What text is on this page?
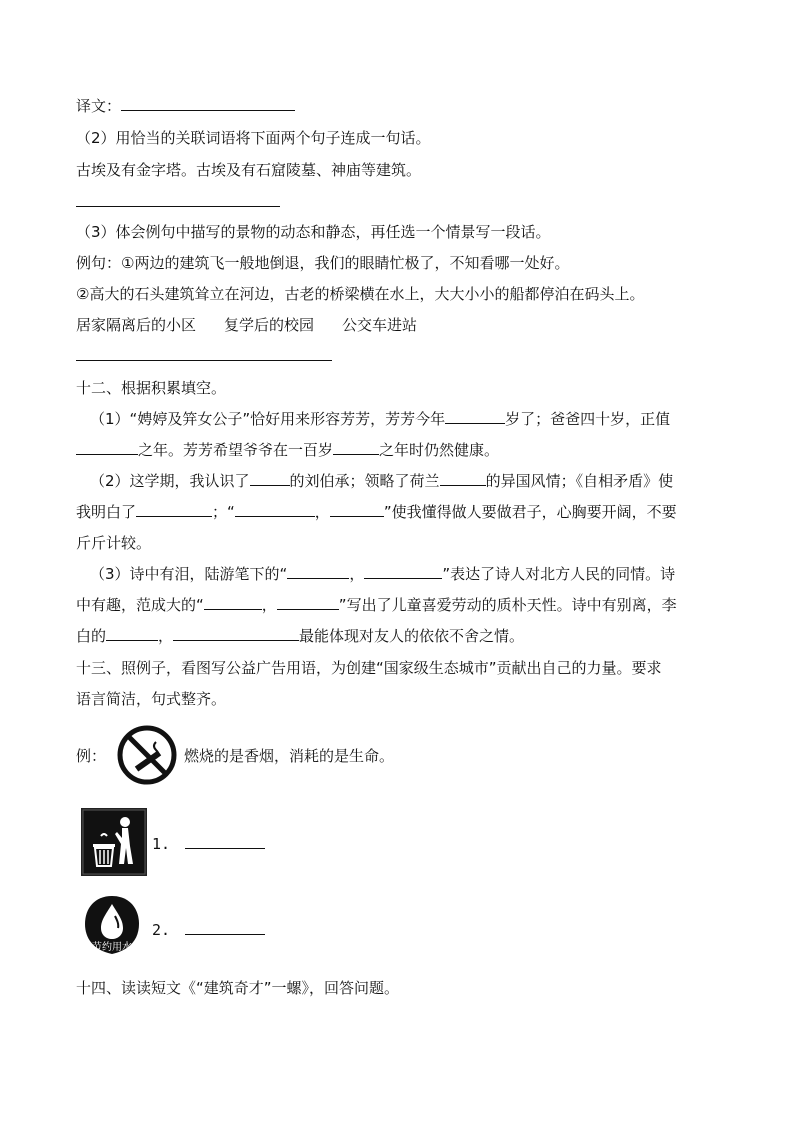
译文：
（2）用恰当的关联词语将下面两个句子连成一句话。
古埃及有金字塔。古埃及有石窟陵墓、神庙等建筑。
（3）体会例句中描写的景物的动态和静态，再任选一个情景写一段话。
例句：①两边的建筑飞一般地倒退，我们的眼睛忙极了，不知看哪一处好。
②高大的石头建筑耸立在河边，古老的桥梁横在水上，大大小小的船都停泊在码头上。
居家隔离后的小区 复学后的校园 公交车进站
十二、根据积累填空。
（1）“娉婷及笄女公子”恰好用来形容芳芳，芳芳今年	岁了；爸爸四十岁，正值
之年。芳芳希望爷爷在一百岁	之年时仍然健康。
（2）这学期，我认识了	的刘伯承；领略了荷兰	的异国风情；《自相矛盾》使
我明白了	；“	，	”使我懂得做人要做君子，心胸要开阔，不要
斤斤计较。
（3）诗中有泪，陆游笔下的“	，	”表达了诗人对北方人民的同情。诗
中有趣，范成大的“	，	”写出了儿童喜爱劳动的质朴天性。诗中有别离，李
白的	，	最能体现对友人的依依不舍之情。
十三、照例子，看图写公益广告用语，为创建“国家级生态城市”贡献出自己的力量。要求
语言简洁，句式整齐。
例：	燃烧的是香烟，消耗的是生命。
1.
节约用水
2.
十四、读读短文《“建筑奇才”一螺》，回答问题。
